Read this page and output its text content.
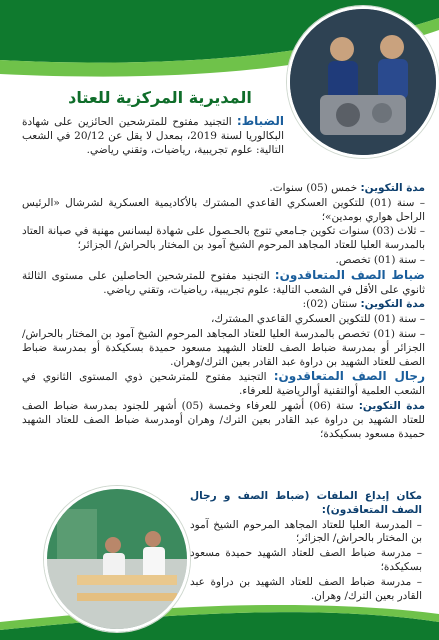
المديرية المركزية للعتاد

الضباط: التجنيد مفتوح للمترشحين الحائزين على شهادة البكالوريا لسنة 2019، بمعدل لا يقل عن 20/12 في الشعب التالية: علوم تجريبية، رياضيات، وتقني رياضي.

مدة التكوين: خمس (05) سنوات.

– سنة (01) للتكوين العسكري القاعدي المشترك بالأكاديمية العسكرية لشرشال «الرئيس الراحل هواري بومدين»؛

– ثلاث (03) سنوات تكوين جـامعي تتوج بالحـصول على شهادة ليسانس مهنية في صيانة العتاد بالمدرسة العليا للعتاد المجاهد المرحوم الشيخ آمود بن المختار بالحراش/ الجزائر؛

– سنة (01) تخصص.

ضباط الصف المتعاقدون: التجنيد مفتوح للمترشحين الحاصلين على مستوى الثالثة ثانوي على الأقل في الشعب التالية: علوم تجريبية، رياضيات، وتقني رياضي.

مدة التكوين: سنتان (02):

– سنة (01) للتكوين العسكري القاعدي المشترك،

– سنة (01) تخصص بالمدرسة العليا للعتاد المجاهد المرحوم الشيخ آمود بن المختار بالحراش/الجزائر أو بمدرسة ضباط الصف للعتاد الشهيد مسعود حميدة بسكيكدة أو بمدرسة ضباط الصف للعتاد الشهيد بن دراوة عبد القادر بعين الترك/وهران.

رجال الصف المتعاقدون: التجنيد مفتوح للمترشحين ذوي المستوى الثانوي في الشعب العلمية أوالتقنية أوالرياضية للعرفاء.

مدة التكوين: ستة (06) أشهر للعرفاء وخمسة (05) أشهر للجنود بمدرسة ضباط الصف للعتاد الشهيد بن دراوة عبد القادر بعين الترك/ وهران أومدرسة ضباط الصف للعتاد الشهيد حميدة مسعود بسكيكدة؛

مكان إيداع الملفات (ضباط الصف و رجال الصف المتعاقدون):

– المدرسة العليا للعتاد المجاهد المرحوم الشيخ آمود بن المختار بالحراش/ الجزائر؛

– مدرسة ضباط الصف للعتاد الشهيد حميدة مسعود بسكيكدة؛

– مدرسة ضباط الصف للعتاد الشهيد بن دراوة عبد القادر بعين الترك/ وهران.
